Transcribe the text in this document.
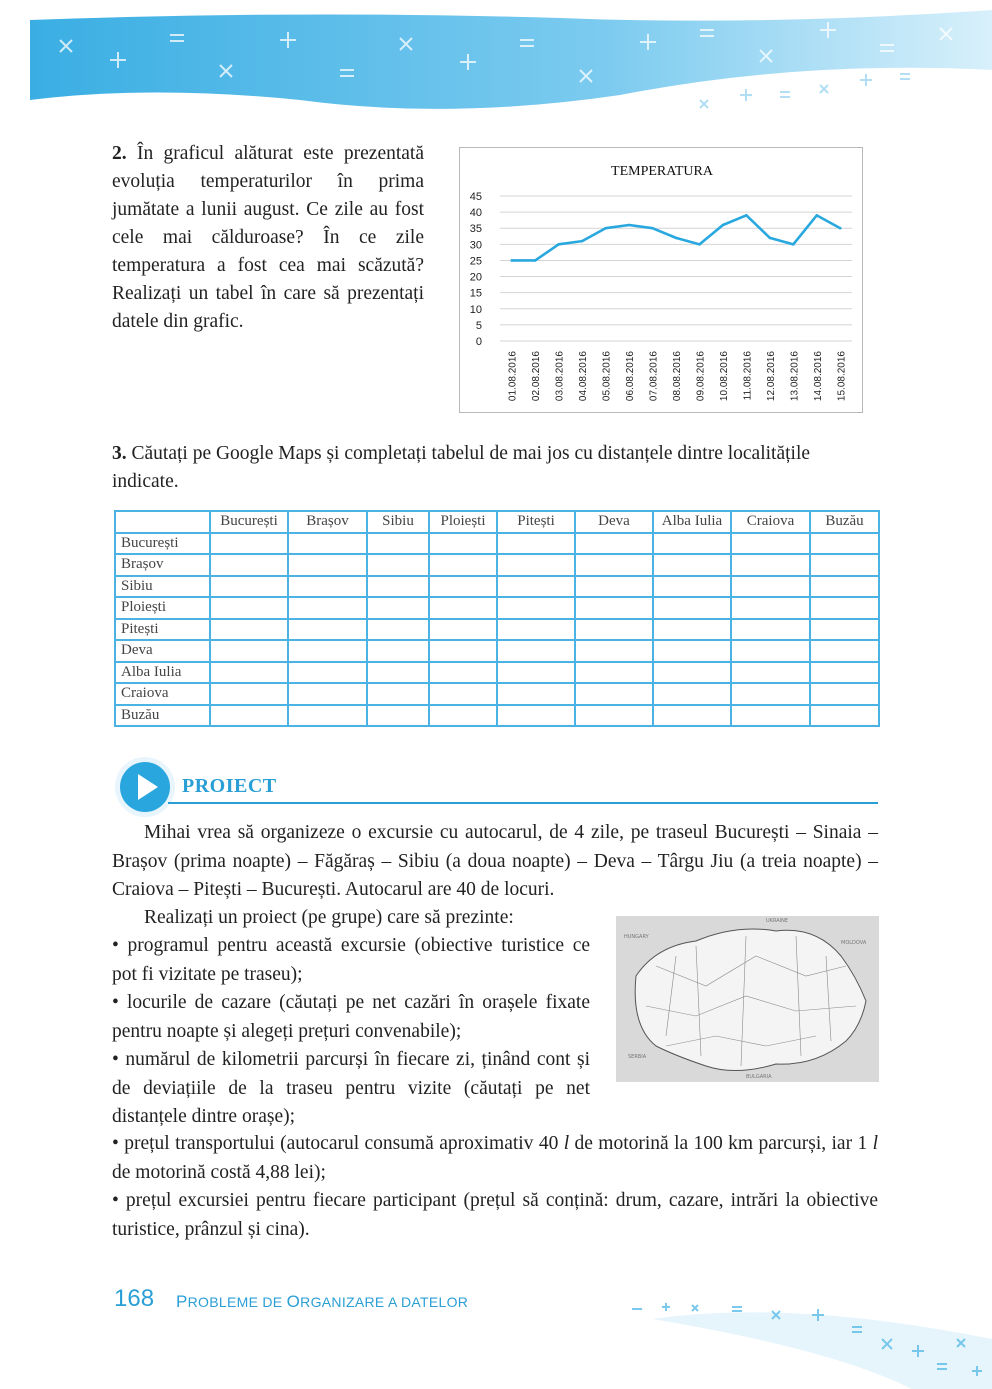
2. În graficul alăturat este prezentată evoluția temperaturilor în prima jumătate a lunii august. Ce zile au fost cele mai călduroase? În ce zile temperatura a fost cea mai scăzută? Realizați un tabel în care să prezentați datele din grafic.

TEMPERATURA
0
5
10
15
20
25
30
35
40
45
01.08.2016 02.08.2016 03.08.2016 04.08.2016 05.08.2016 06.08.2016 07.08.2016 08.08.2016 09.08.2016 10.08.2016 11.08.2016 12.08.2016 13.08.2016 14.08.2016 15.08.2016

3. Căutați pe Google Maps și completați tabelul de mai jos cu distanțele dintre localitățile indicate.

	București	Brașov	Sibiu	Ploiești	Pitești	Deva	Alba Iulia	Craiova	Buzău
București									
Brașov									
Sibiu									
Ploiești									
Pitești									
Deva									
Alba Iulia									
Craiova									
Buzău									
PROIECT

Mihai vrea să organizeze o excursie cu autocarul, de 4 zile, pe traseul București – Sinaia – Brașov (prima noapte) – Făgăraș – Sibiu (a doua noapte) – Deva – Târgu Jiu (a treia noapte) – Craiova – Pitești – București. Autocarul are 40 de locuri.

Realizați un proiect (pe grupe) care să prezinte:

• programul pentru această excursie (obiective turistice ce pot fi vizitate pe traseu);

• locurile de cazare (căutați pe net cazări în orașele fixate pentru noapte și alegeți prețuri convenabile);

• numărul de kilometrii parcurși în fiecare zi, ținând cont și de deviațiile de la traseu pentru vizite (căutați pe net distanțele dintre orașe);

• prețul transportului (autocarul consumă aproximativ 40 l de motorină la 100 km parcurși, iar 1 l de motorină costă 4,88 lei);

• prețul excursiei pentru fiecare participant (prețul să conțină: drum, cazare, intrări la obiective turistice, prânzul și cina).

UKRAINE
MOLDOVA
HUNGARY
SERBIA
BULGARIA
168 PROBLEME DE ORGANIZARE A DATELOR
